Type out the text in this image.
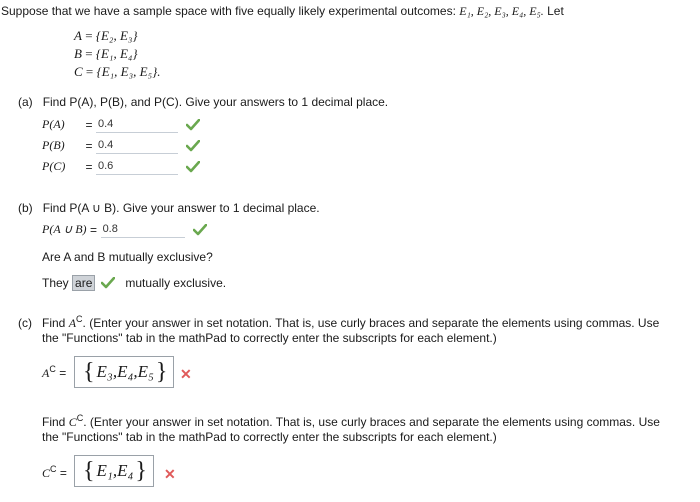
Suppose that we have a sample space with five equally likely experimental outcomes: E₁, E₂, E₃, E₄, E₅. Let
A = {E₂, E₃}
B = {E₁, E₄}
C = {E₁, E₃, E₅}.
(a) Find P(A), P(B), and P(C). Give your answers to 1 decimal place.
P(A)	=
0.4
P(B)	=
0.4
P(C)	=
0.6
(b) Find P(A ∪ B). Give your answer to 1 decimal place.
P(A ∪ B) =
0.8
Are A and B mutually exclusive?
They
are
	mutually exclusive.
(c) Find $A^C$. (Enter your answer in set notation. That is, use curly braces and separate the elements using commas. Use
the "Functions" tab in the mathPad to correctly enter the subscripts for each element.)
$A^C$ = { E₃,E₄,E₅ } ✕
Find $C^C$. (Enter your answer in set notation. That is, use curly braces and separate the elements using commas. Use
the "Functions" tab in the mathPad to correctly enter the subscripts for each element.)
$C^C$ = { E₁,E₄ } ✕
